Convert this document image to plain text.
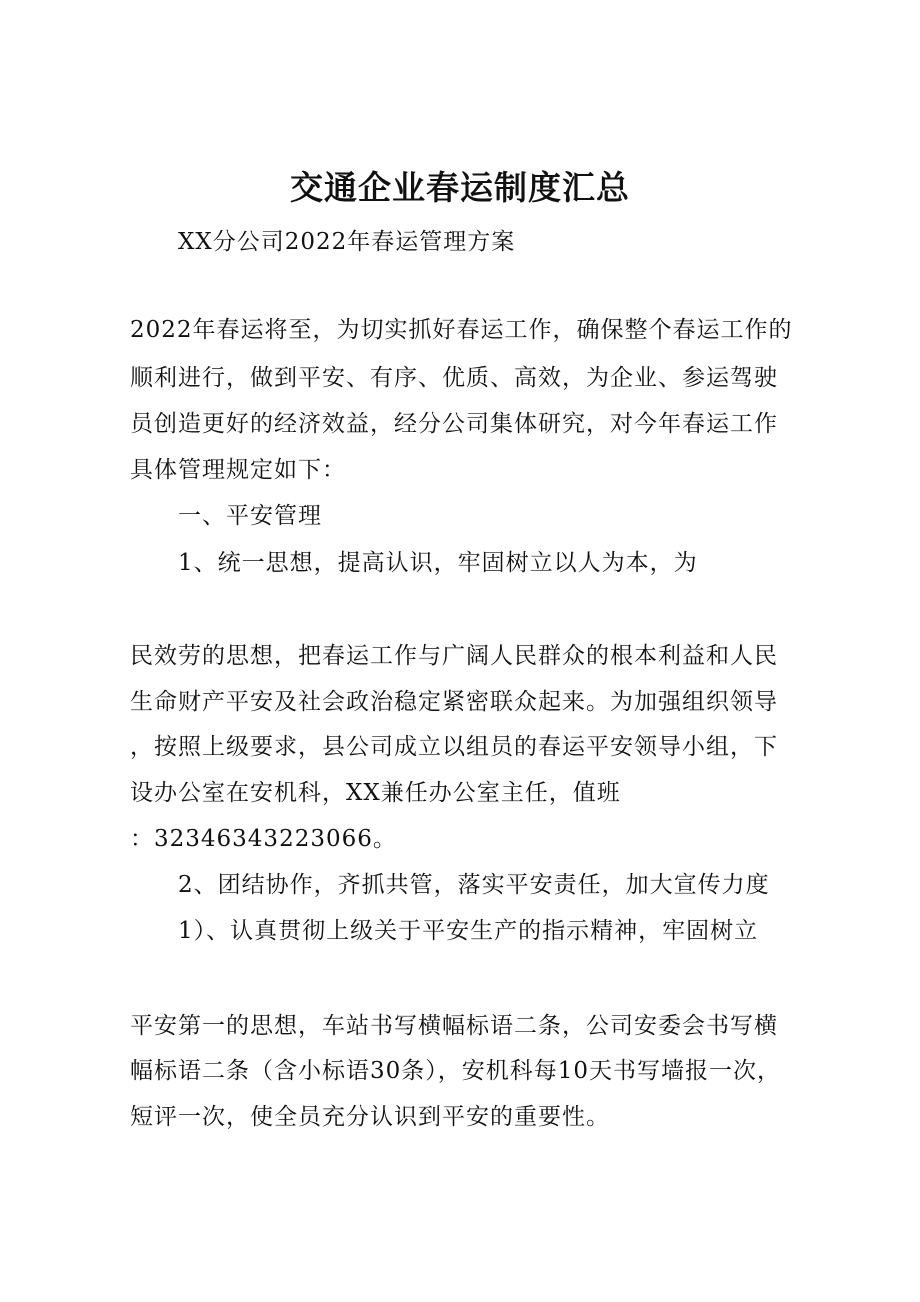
交通企业春运制度汇总
XX分公司2022年春运管理方案
2022年春运将至，为切实抓好春运工作，确保整个春运工作的
顺利进行，做到平安、有序、优质、高效，为企业、参运驾驶
员创造更好的经济效益，经分公司集体研究，对今年春运工作
具体管理规定如下：
一、平安管理
1、统一思想，提高认识，牢固树立以人为本，为
民效劳的思想，把春运工作与广阔人民群众的根本利益和人民
生命财产平安及社会政治稳定紧密联众起来。为加强组织领导
，按照上级要求，县公司成立以组员的春运平安领导小组，下
设办公室在安机科，XX兼任办公室主任，值班
：32346343223066。
2、团结协作，齐抓共管，落实平安责任，加大宣传力度
1）、认真贯彻上级关于平安生产的指示精神，牢固树立
平安第一的思想，车站书写横幅标语二条，公司安委会书写横
幅标语二条（含小标语30条），安机科每10天书写墙报一次，
短评一次，使全员充分认识到平安的重要性。
